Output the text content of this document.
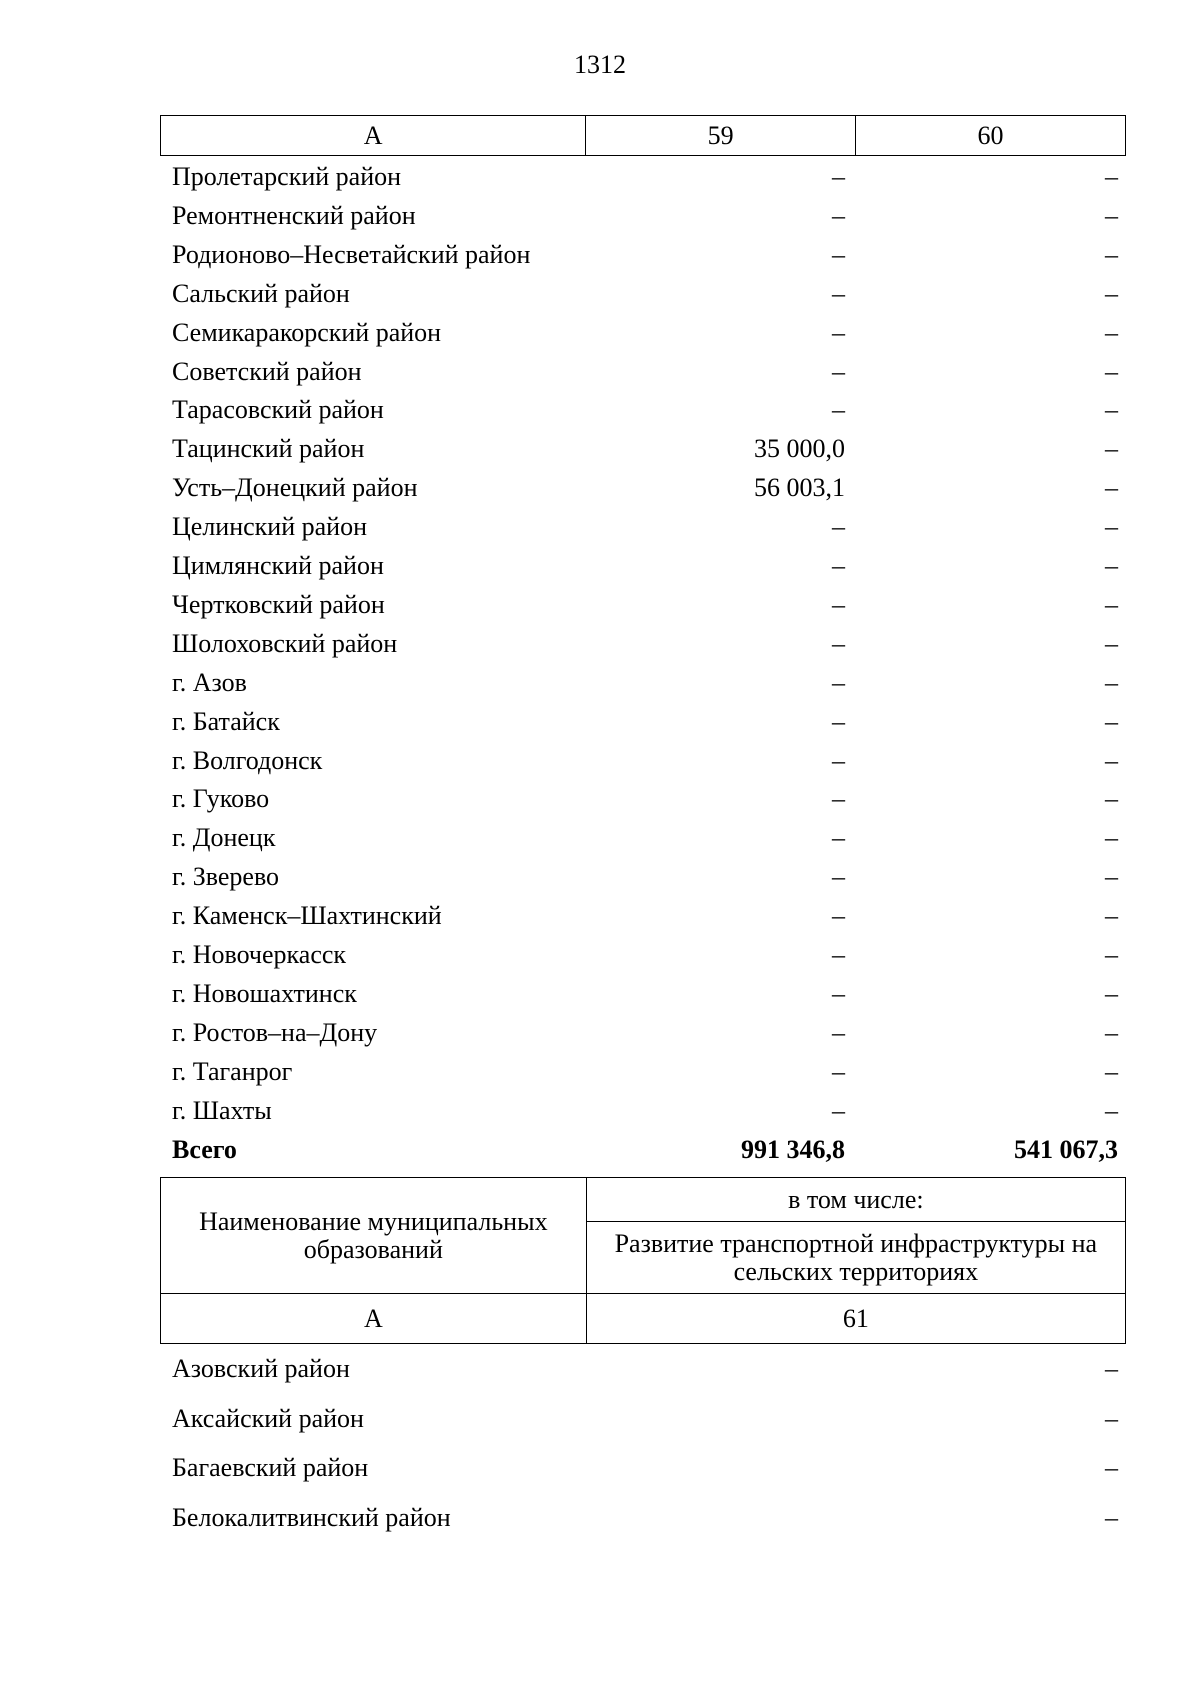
1312
А	59	60
Пролетарский район	–	–
Ремонтненский район	–	–
Родионово–Несветайский район	–	–
Сальский район	–	–
Семикаракорский район	–	–
Советский район	–	–
Тарасовский район	–	–
Тацинский район	35 000,0	–
Усть–Донецкий район	56 003,1	–
Целинский район	–	–
Цимлянский район	–	–
Чертковский район	–	–
Шолоховский район	–	–
г. Азов	–	–
г. Батайск	–	–
г. Волгодонск	–	–
г. Гуково	–	–
г. Донецк	–	–
г. Зверево	–	–
г. Каменск–Шахтинский	–	–
г. Новочеркасск	–	–
г. Новошахтинск	–	–
г. Ростов–на–Дону	–	–
г. Таганрог	–	–
г. Шахты	–	–
Всего	991 346,8	541 067,3
Наименование муниципальных образований	в том числе:
	Развитие транспортной инфраструктуры на сельских территориях
А	61
Азовский район	–
Аксайский район	–
Багаевский район	–
Белокалитвинский район	–
